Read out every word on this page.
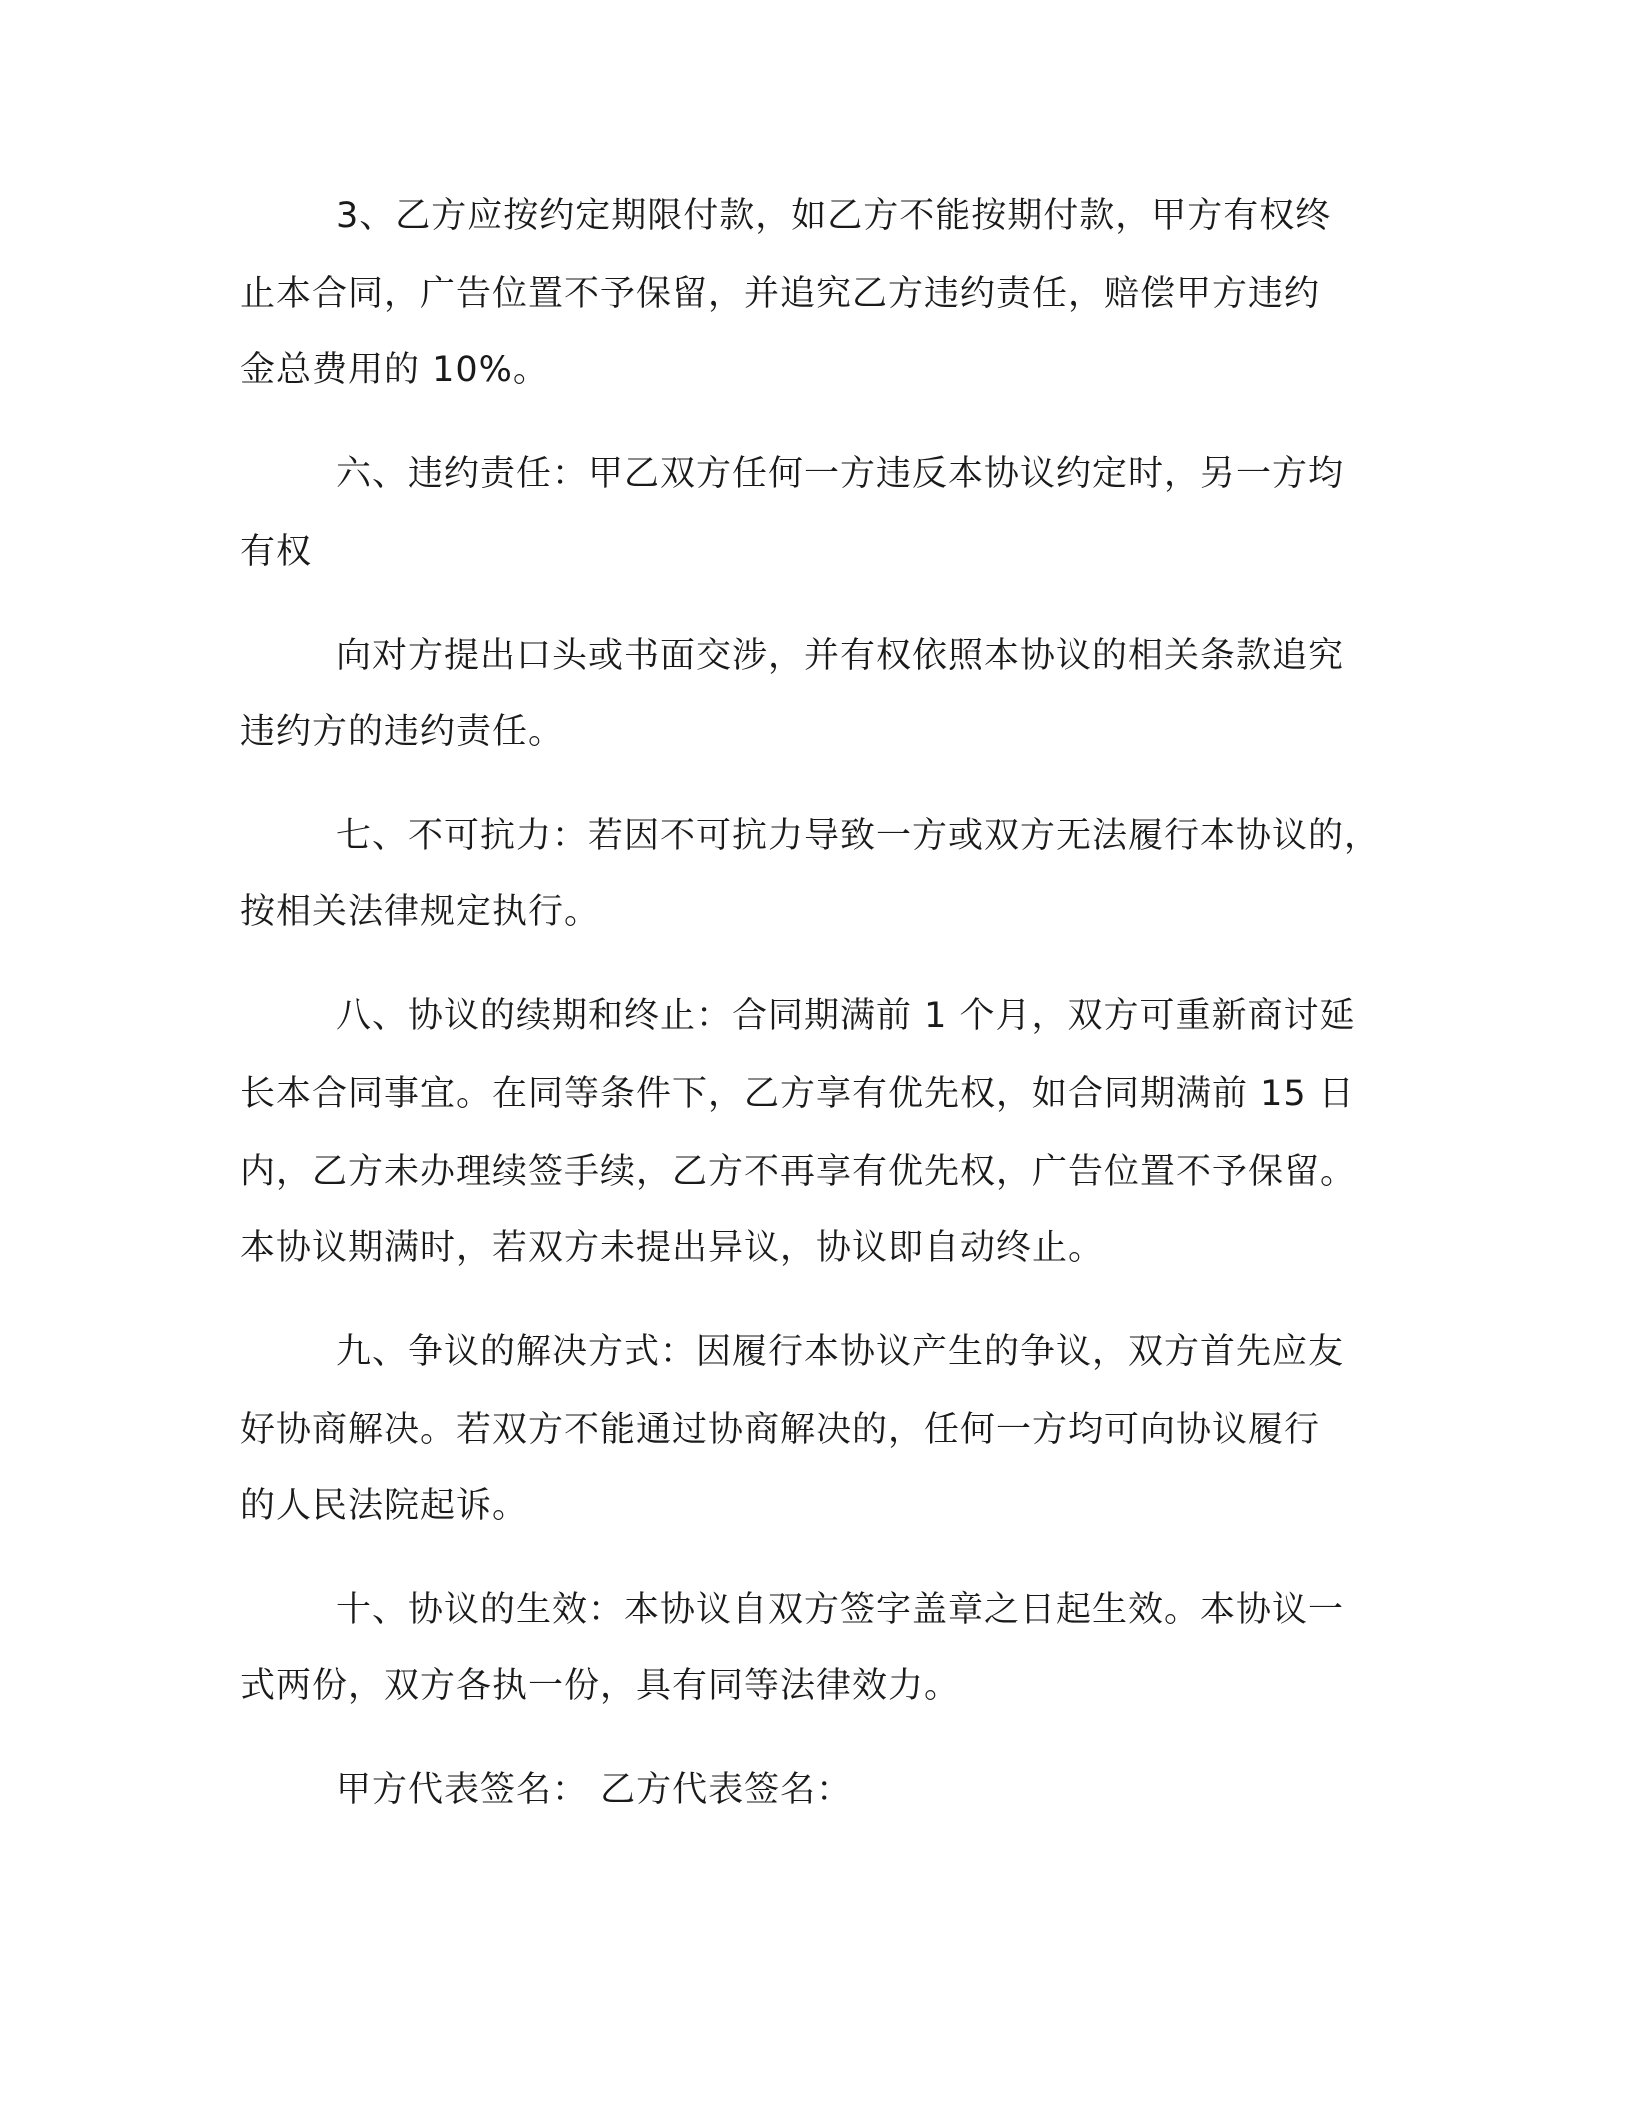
3、乙方应按约定期限付款，如乙方不能按期付款，甲方有权终
止本合同，广告位置不予保留，并追究乙方违约责任，赔偿甲方违约
金总费用的 10%。
六、违约责任：甲乙双方任何一方违反本协议约定时，另一方均
有权
向对方提出口头或书面交涉，并有权依照本协议的相关条款追究
违约方的违约责任。
七、不可抗力：若因不可抗力导致一方或双方无法履行本协议的，
按相关法律规定执行。
八、协议的续期和终止：合同期满前 1 个月，双方可重新商讨延
长本合同事宜。在同等条件下，乙方享有优先权，如合同期满前 15 日
内，乙方未办理续签手续，乙方不再享有优先权，广告位置不予保留。
本协议期满时，若双方未提出异议，协议即自动终止。
九、争议的解决方式：因履行本协议产生的争议，双方首先应友
好协商解决。若双方不能通过协商解决的，任何一方均可向协议履行
的人民法院起诉。
十、协议的生效：本协议自双方签字盖章之日起生效。本协议一
式两份，双方各执一份，具有同等法律效力。
甲方代表签名： 乙方代表签名：
